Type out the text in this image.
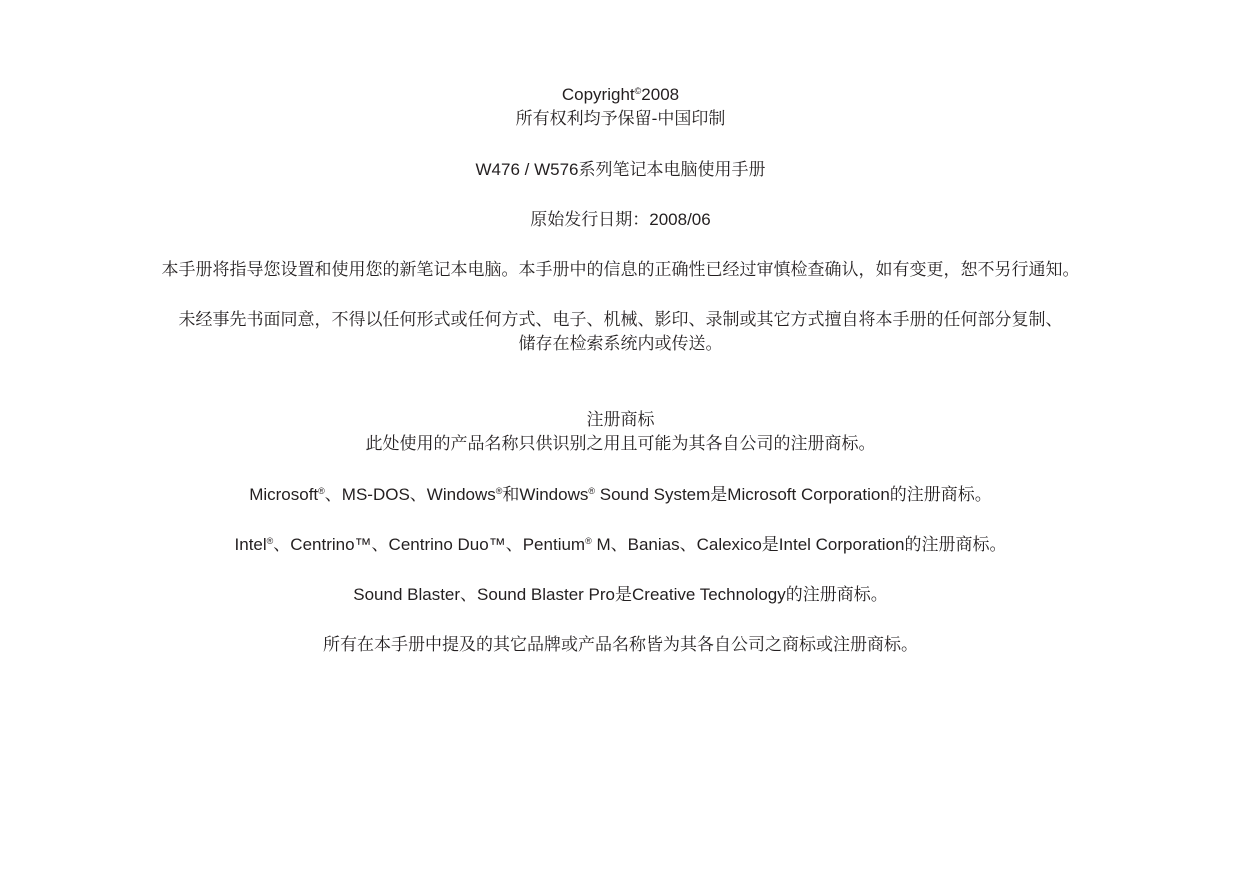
Copyright©2008
所有权利均予保留-中国印制
W476 / W576系列笔记本电脑使用手册
原始发行日期：2008/06
本手册将指导您设置和使用您的新笔记本电脑。本手册中的信息的正确性已经过审慎检查确认，如有变更，恕不另行通知。
未经事先书面同意，不得以任何形式或任何方式、电子、机械、影印、录制或其它方式擅自将本手册的任何部分复制、
储存在检索系统内或传送。
注册商标
此处使用的产品名称只供识别之用且可能为其各自公司的注册商标。
Microsoft®、MS-DOS、Windows®和Windows® Sound System是Microsoft Corporation的注册商标。
Intel®、Centrino™、Centrino Duo™、Pentium® M、Banias、Calexico是Intel Corporation的注册商标。
Sound Blaster、Sound Blaster Pro是Creative Technology的注册商标。
所有在本手册中提及的其它品牌或产品名称皆为其各自公司之商标或注册商标。
